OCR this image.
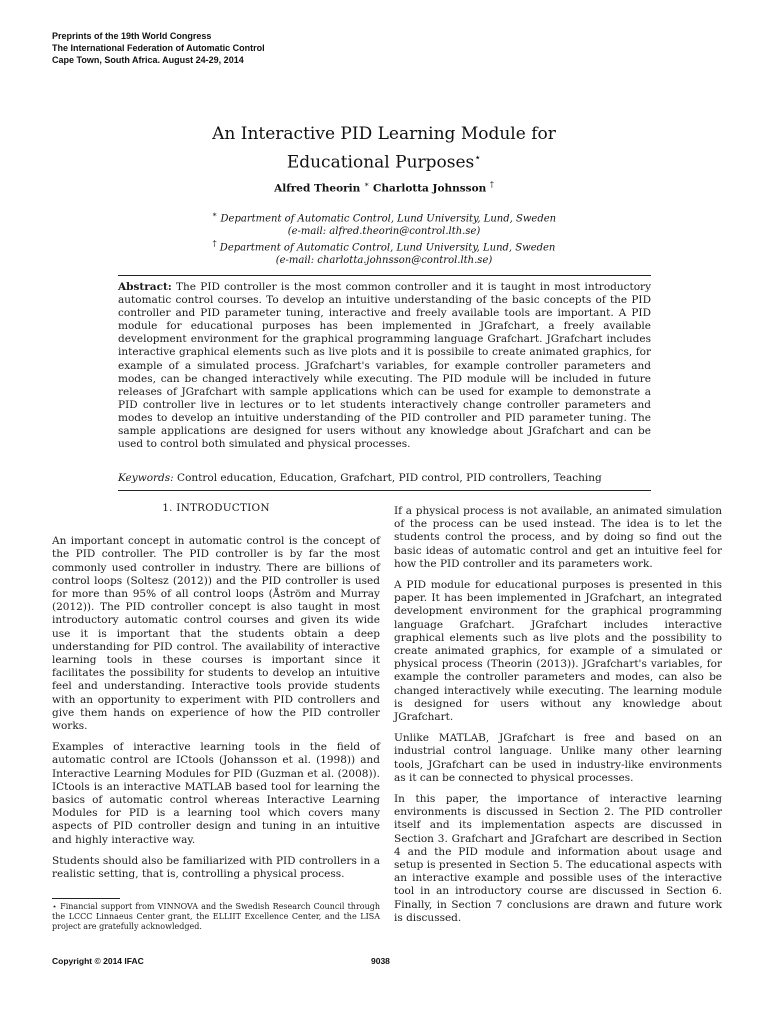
Preprints of the 19th World Congress
The International Federation of Automatic Control
Cape Town, South Africa. August 24-29, 2014
An Interactive PID Learning Module for
Educational Purposes⋆
Alfred Theorin ∗ Charlotta Johnsson †
∗ Department of Automatic Control, Lund University, Lund, Sweden
(e-mail: alfred.theorin@control.lth.se)
† Department of Automatic Control, Lund University, Lund, Sweden
(e-mail: charlotta.johnsson@control.lth.se)
Abstract: The PID controller is the most common controller and it is taught in most introductory automatic control courses. To develop an intuitive understanding of the basic concepts of the PID controller and PID parameter tuning, interactive and freely available tools are important. A PID module for educational purposes has been implemented in JGrafchart, a freely available development environment for the graphical programming language Grafchart. JGrafchart includes interactive graphical elements such as live plots and it is possibile to create animated graphics, for example of a simulated process. JGrafchart's variables, for example controller parameters and modes, can be changed interactively while executing. The PID module will be included in future releases of JGrafchart with sample applications which can be used for example to demonstrate a PID controller live in lectures or to let students interactively change controller parameters and modes to develop an intuitive understanding of the PID controller and PID parameter tuning. The sample applications are designed for users without any knowledge about JGrafchart and can be used to control both simulated and physical processes.
Keywords: Control education, Education, Grafchart, PID control, PID controllers, Teaching
1. INTRODUCTION

An important concept in automatic control is the concept of the PID controller. The PID controller is by far the most commonly used controller in industry. There are billions of control loops (Soltesz (2012)) and the PID controller is used for more than 95% of all control loops (Åström and Murray (2012)). The PID controller concept is also taught in most introductory automatic control courses and given its wide use it is important that the students obtain a deep understanding for PID control. The availability of interactive learning tools in these courses is important since it facilitates the possibility for students to develop an intuitive feel and understanding. Interactive tools provide students with an opportunity to experiment with PID controllers and give them hands on experience of how the PID controller works.

Examples of interactive learning tools in the field of automatic control are ICtools (Johansson et al. (1998)) and Interactive Learning Modules for PID (Guzman et al. (2008)). ICtools is an interactive MATLAB based tool for learning the basics of automatic control whereas Interactive Learning Modules for PID is a learning tool which covers many aspects of PID controller design and tuning in an intuitive and highly interactive way.

Students should also be familiarized with PID controllers in a realistic setting, that is, controlling a physical process.

If a physical process is not available, an animated simulation of the process can be used instead. The idea is to let the students control the process, and by doing so find out the basic ideas of automatic control and get an intuitive feel for how the PID controller and its parameters work.

A PID module for educational purposes is presented in this paper. It has been implemented in JGrafchart, an integrated development environment for the graphical programming language Grafchart. JGrafchart includes interactive graphical elements such as live plots and the possibility to create animated graphics, for example of a simulated or physical process (Theorin (2013)). JGrafchart's variables, for example the controller parameters and modes, can also be changed interactively while executing. The learning module is designed for users without any knowledge about JGrafchart.

Unlike MATLAB, JGrafchart is free and based on an industrial control language. Unlike many other learning tools, JGrafchart can be used in industry-like environments as it can be connected to physical processes.

In this paper, the importance of interactive learning environments is discussed in Section 2. The PID controller itself and its implementation aspects are discussed in Section 3. Grafchart and JGrafchart are described in Section 4 and the PID module and information about usage and setup is presented in Section 5. The educational aspects with an interactive example and possible uses of the interactive tool in an introductory course are discussed in Section 6. Finally, in Section 7 conclusions are drawn and future work is discussed.

⋆ Financial support from VINNOVA and the Swedish Research Council through the LCCC Linnaeus Center grant, the ELLIIT Excellence Center, and the LISA project are gratefully acknowledged.
Copyright © 2014 IFAC	9038
